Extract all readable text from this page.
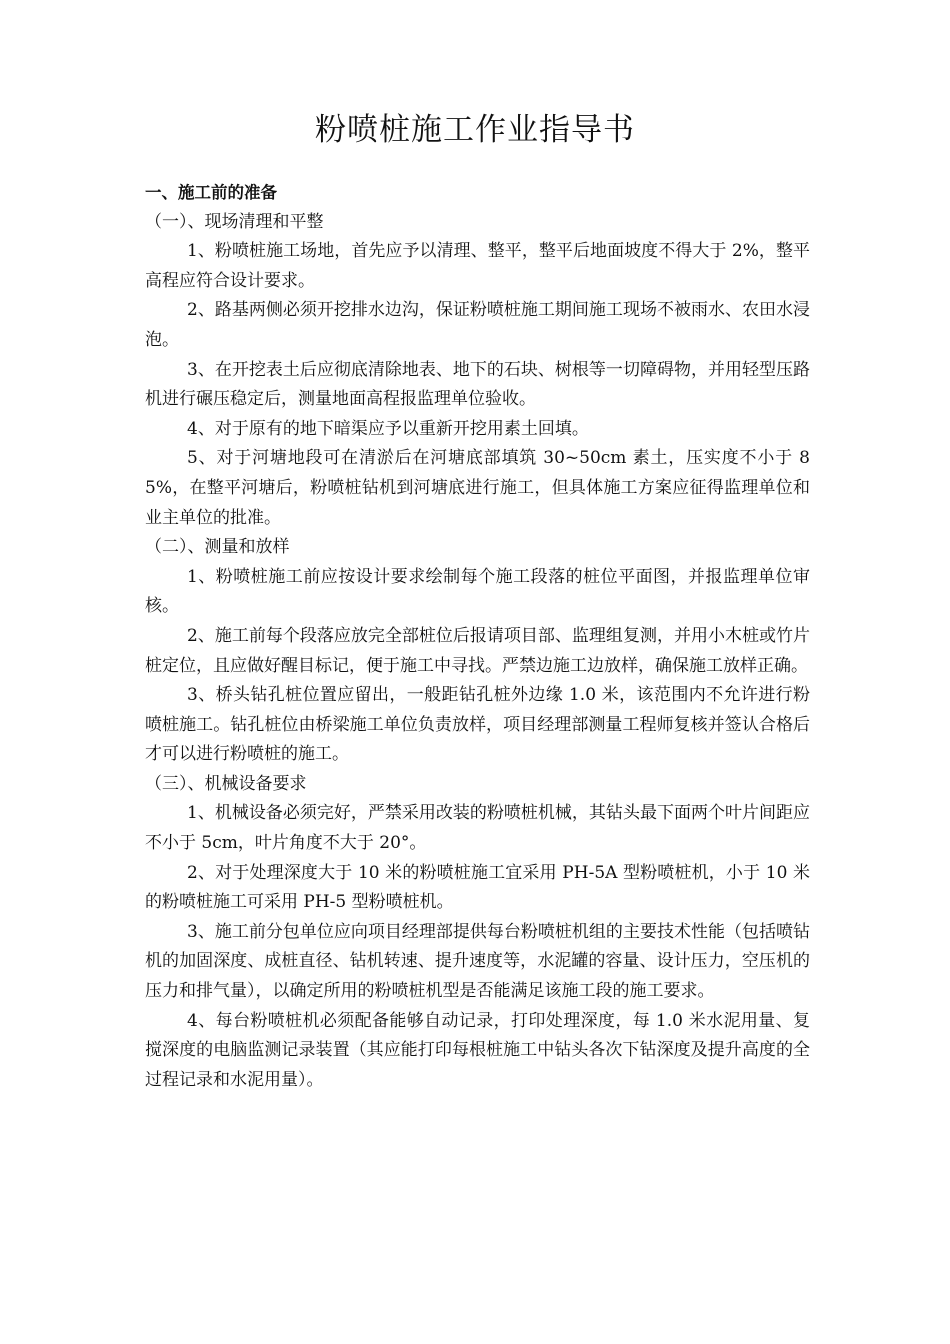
粉喷桩施工作业指导书

一、施工前的准备

（一）、现场清理和平整

1、粉喷桩施工场地，首先应予以清理、整平，整平后地面坡度不得大于 2%，整平高程应符合设计要求。

2、路基两侧必须开挖排水边沟，保证粉喷桩施工期间施工现场不被雨水、农田水浸泡。

3、在开挖表土后应彻底清除地表、地下的石块、树根等一切障碍物，并用轻型压路机进行碾压稳定后，测量地面高程报监理单位验收。

4、对于原有的地下暗渠应予以重新开挖用素土回填。

5、对于河塘地段可在清淤后在河塘底部填筑 30~50cm 素土，压实度不小于 85%，在整平河塘后，粉喷桩钻机到河塘底进行施工，但具体施工方案应征得监理单位和业主单位的批准。

（二）、测量和放样

1、粉喷桩施工前应按设计要求绘制每个施工段落的桩位平面图，并报监理单位审核。

2、施工前每个段落应放完全部桩位后报请项目部、监理组复测，并用小木桩或竹片桩定位，且应做好醒目标记，便于施工中寻找。严禁边施工边放样，确保施工放样正确。

3、桥头钻孔桩位置应留出，一般距钻孔桩外边缘 1.0 米，该范围内不允许进行粉喷桩施工。钻孔桩位由桥梁施工单位负责放样，项目经理部测量工程师复核并签认合格后才可以进行粉喷桩的施工。

（三）、机械设备要求

1、机械设备必须完好，严禁采用改装的粉喷桩机械，其钻头最下面两个叶片间距应不小于 5cm，叶片角度不大于 20°。

2、对于处理深度大于 10 米的粉喷桩施工宜采用 PH-5A 型粉喷桩机，小于 10 米的粉喷桩施工可采用 PH-5 型粉喷桩机。

3、施工前分包单位应向项目经理部提供每台粉喷桩机组的主要技术性能（包括喷钻机的加固深度、成桩直径、钻机转速、提升速度等，水泥罐的容量、设计压力，空压机的压力和排气量），以确定所用的粉喷桩机型是否能满足该施工段的施工要求。

4、每台粉喷桩机必须配备能够自动记录，打印处理深度，每 1.0 米水泥用量、复搅深度的电脑监测记录装置（其应能打印每根桩施工中钻头各次下钻深度及提升高度的全过程记录和水泥用量）。
